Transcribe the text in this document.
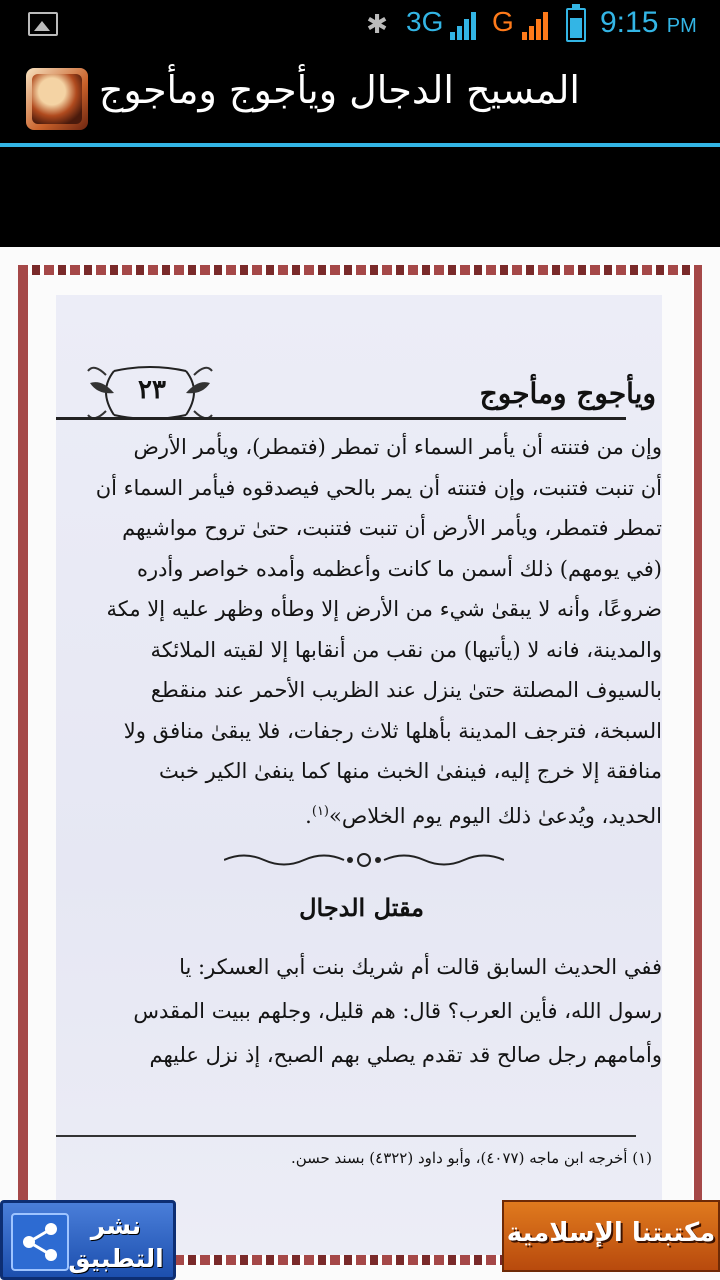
✱ 3G G	9:15 PM
المسيح الدجال ويأجوج ومأجوج
٢٣	ويأجوج ومأجوج

وإن من فتنته أن يأمر السماء أن تمطر (فتمطر)، ويأمر الأرض

أن تنبت فتنبت، وإن فتنته أن يمر بالحي فيصدقوه فيأمر السماء أن

تمطر فتمطر، ويأمر الأرض أن تنبت فتنبت، حتىٰ تروح مواشيهم

(في يومهم) ذلك أسمن ما كانت وأعظمه وأمده خواصر وأدره

ضروعًا، وأنه لا يبقىٰ شيء من الأرض إلا وطأه وظهر عليه إلا مكة

والمدينة، فانه لا (يأتيها) من نقب من أنقابها إلا لقيته الملائكة

بالسيوف المصلتة حتىٰ ينزل عند الظريب الأحمر عند منقطع

السبخة، فترجف المدينة بأهلها ثلاث رجفات، فلا يبقىٰ منافق ولا

منافقة إلا خرج إليه، فينفىٰ الخبث منها كما ينفىٰ الكير خبث

الحديد، ويُدعىٰ ذلك اليوم يوم الخلاص»$^{(١)}$.

مقتل الدجال

ففي الحديث السابق قالت أم شريك بنت أبي العسكر: يا

رسول الله، فأين العرب؟ قال: هم قليل، وجلهم ببيت المقدس

وأمامهم رجل صالح قد تقدم يصلي بهم الصبح، إذ نزل عليهم

(١) أخرجه ابن ماجه (٤٠٧٧)، وأبو داود (٤٣٢٢) بسند حسن.
نشر
التطبيق
مكتبتنا الإسلامية
